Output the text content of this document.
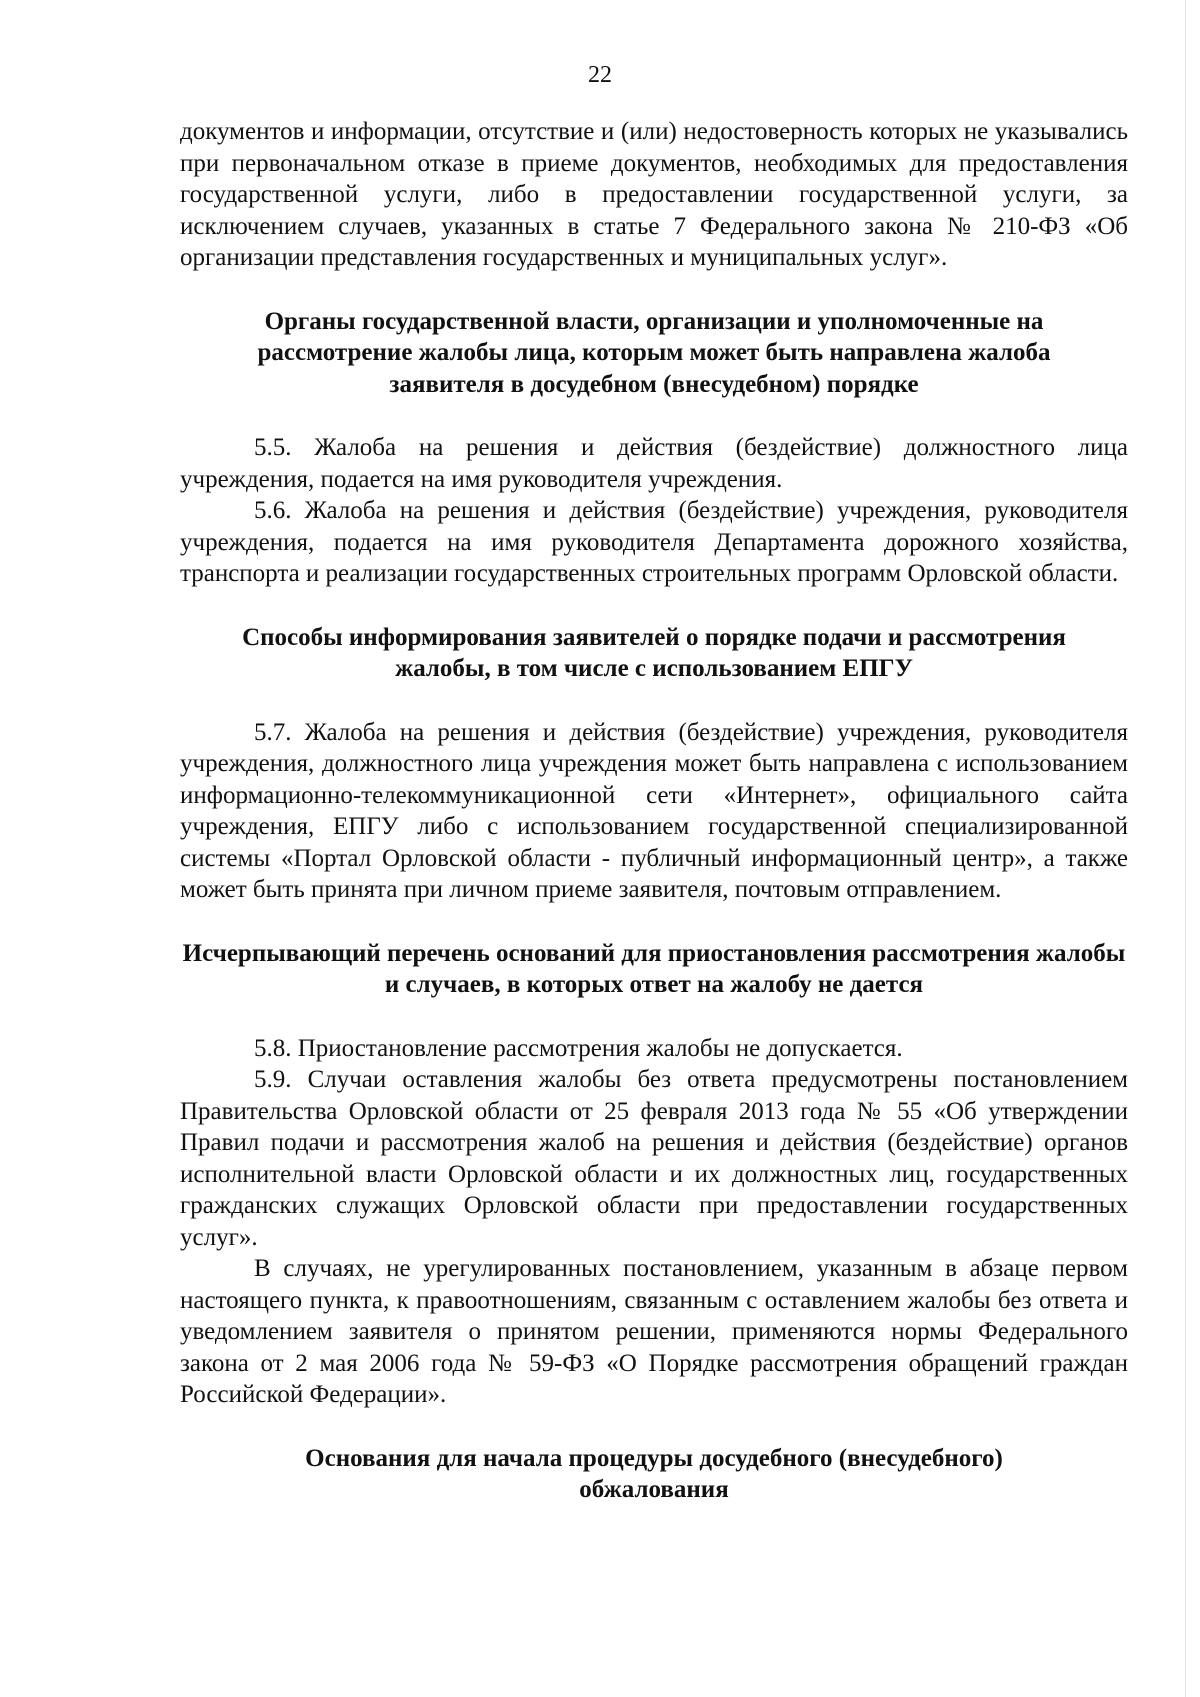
22

документов и информации, отсутствие и (или) недостоверность которых не указывались при первоначальном отказе в приеме документов, необходимых для предоставления государственной услуги, либо в предоставлении государственной услуги, за исключением случаев, указанных в статье 7 Федерального закона № 210-ФЗ «Об организации представления государственных и муниципальных услуг».

Органы государственной власти, организации и уполномоченные на рассмотрение жалобы лица, которым может быть направлена жалоба заявителя в досудебном (внесудебном) порядке

5.5. Жалоба на решения и действия (бездействие) должностного лица учреждения, подается на имя руководителя учреждения.

5.6. Жалоба на решения и действия (бездействие) учреждения, руководителя учреждения, подается на имя руководителя Департамента дорожного хозяйства, транспорта и реализации государственных строительных программ Орловской области.

Способы информирования заявителей о порядке подачи и рассмотрения жалобы, в том числе с использованием ЕПГУ

5.7. Жалоба на решения и действия (бездействие) учреждения, руководителя учреждения, должностного лица учреждения может быть направлена с использованием информационно-телекоммуникационной сети «Интернет», официального сайта учреждения, ЕПГУ либо с использованием государственной специализированной системы «Портал Орловской области - публичный информационный центр», а также может быть принята при личном приеме заявителя, почтовым отправлением.

Исчерпывающий перечень оснований для приостановления рассмотрения жалобы и случаев, в которых ответ на жалобу не дается

5.8. Приостановление рассмотрения жалобы не допускается.

5.9. Случаи оставления жалобы без ответа предусмотрены постановлением Правительства Орловской области от 25 февраля 2013 года № 55 «Об утверждении Правил подачи и рассмотрения жалоб на решения и действия (бездействие) органов исполнительной власти Орловской области и их должностных лиц, государственных гражданских служащих Орловской области при предоставлении государственных услуг».

В случаях, не урегулированных постановлением, указанным в абзаце первом настоящего пункта, к правоотношениям, связанным с оставлением жалобы без ответа и уведомлением заявителя о принятом решении, применяются нормы Федерального закона от 2 мая 2006 года № 59-ФЗ «О Порядке рассмотрения обращений граждан Российской Федерации».

Основания для начала процедуры досудебного (внесудебного)
обжалования
